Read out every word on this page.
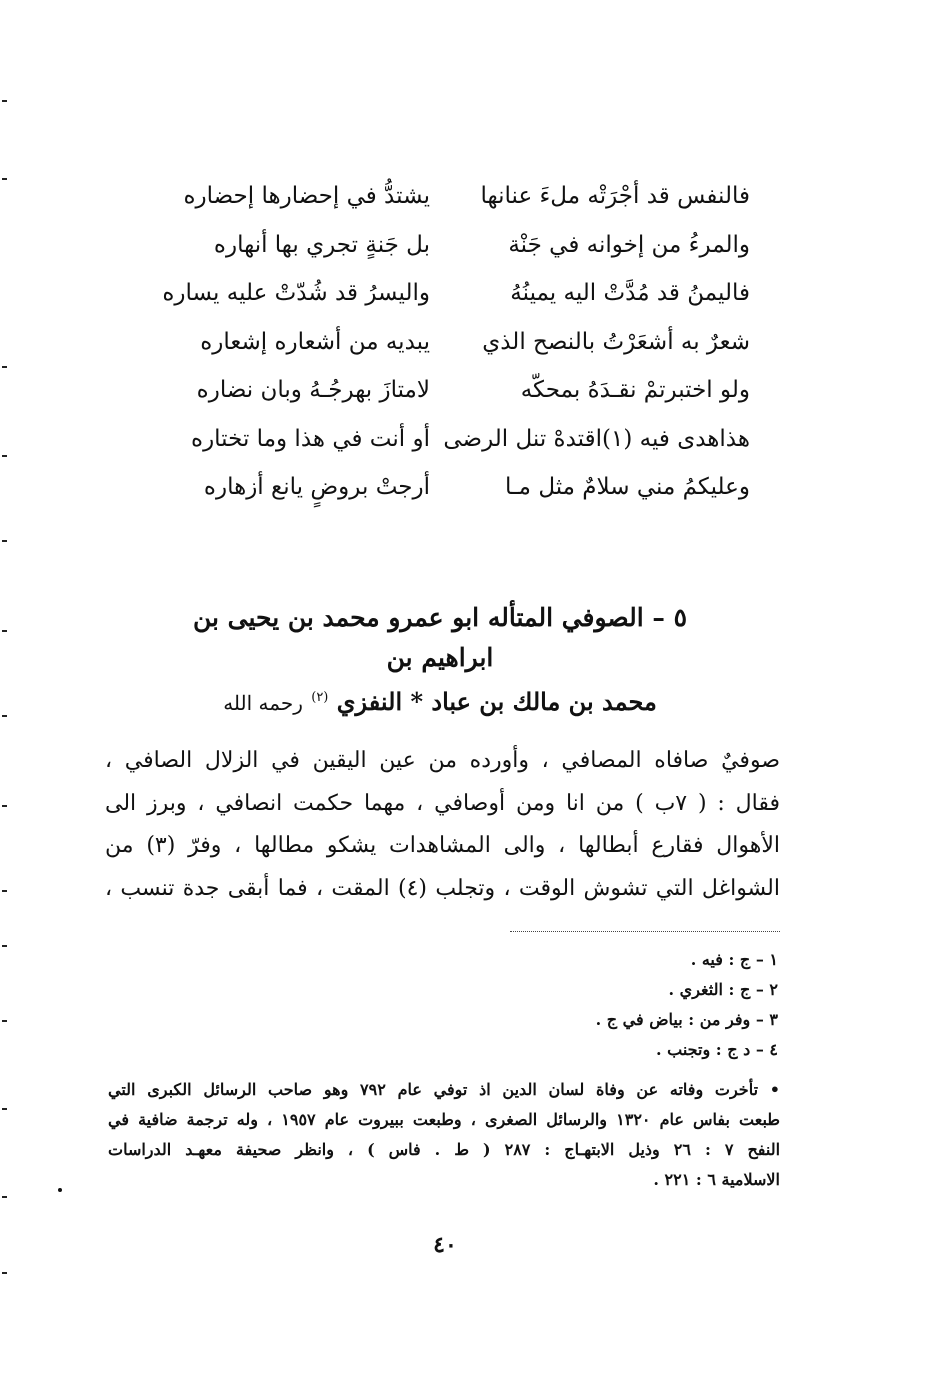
فالنفس قد أجْرَتْه ملءَ عنانها
يشتدُّ في إحضارها إحضاره
والمرءُ من إخوانه في جَنْة
بل جَنةٍ تجري بها أنهاره
فاليمنُ قد مُدَّتْ اليه يمينُهُ
واليسرُ قد شُدّتْ عليه يساره
شعرٌ به أشعَرْتُ بالنصح الذي
يبديه من أشعاره إشعاره
ولو اختبرتمْ نقـدَهُ بمحكّه
لامتازَ بهرجُـهُ وبان نضاره
هذاهدى فيه (١)اقتدهْ تنل الرضى
أو أنت في هذا وما تختاره
وعليكمُ مني سلامٌ مثل مـا
أرجتْ بروضٍ يانع أزهاره
٥ – الصوفي المتأله ابو عمرو محمد بن يحيى بن ابراهيم بن
محمد بن مالك بن عباد * النفزي $^{(٢)}$ رحمه الله
صوفيٌ صافاه المصافي ، وأورده من عين اليقين في الزلال الصافي ،
فقال : ( ٧ب ) من انا ومن أوصافي ، مهما حكمت انصافي ، وبرز الى
الأهوال فقارع أبطالها ، والى المشاهدات يشكو مطالها ، وفرّ (٣) من
الشواغل التي تشوش الوقت ، وتجلب (٤) المقت ، فما أبقى جدة تنسب ،
١ – ج : فيه .
٢ – ج : الثغري .
٣ – وفر من : بياض في ج .
٤ – د ج : وتجنب .
• تأخرت وفاته عن وفاة لسان الدين اذ توفي عام ٧٩٢ وهو صاحب الرسائل الكبرى التي
طبعت بفاس عام ١٣٢٠ والرسائل الصغرى ، وطبعت ببيروت عام ١٩٥٧ ، وله ترجمة ضافية في
النفح ٧ : ٢٦ وذيل الابتهـاج : ٢٨٧ ( ط . فاس ) ، وانظر صحيفة معهـد الدراسات
الاسلامية ٦ : ٢٢١ .
٤٠
